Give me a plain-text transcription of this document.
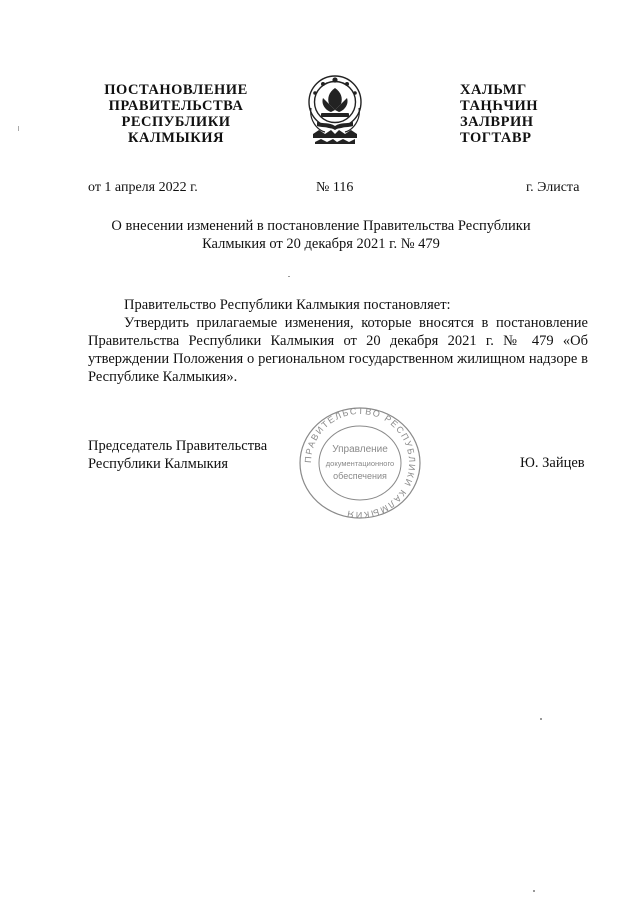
ПОСТАНОВЛЕНИЕ
ПРАВИТЕЛЬСТВА
РЕСПУБЛИКИ
КАЛМЫКИЯ
ХАЛЬМГ
ТАҢҺЧИН
ЗАЛВРИН
ТОГТАВР
от 1 апреля 2022 г.	№ 116	г. Элиста
О внесении изменений в постановление Правительства Республики
Калмыкия от 20 декабря 2021 г. № 479
Правительство Республики Калмыкия постановляет:
Утвердить прилагаемые изменения, которые вносятся в постановление Правительства Республики Калмыкия от 20 декабря 2021 г. № 479 «Об утверждении Положения о региональном государственном жилищном надзоре в Республике Калмыкия».
Председатель Правительства
Республики Калмыкия	ПРАВИТЕЛЬСТВО РЕСПУБЛИКИ КАЛМЫКИЯ
Управление
документационного
обеспечения
Ю. Зайцев
